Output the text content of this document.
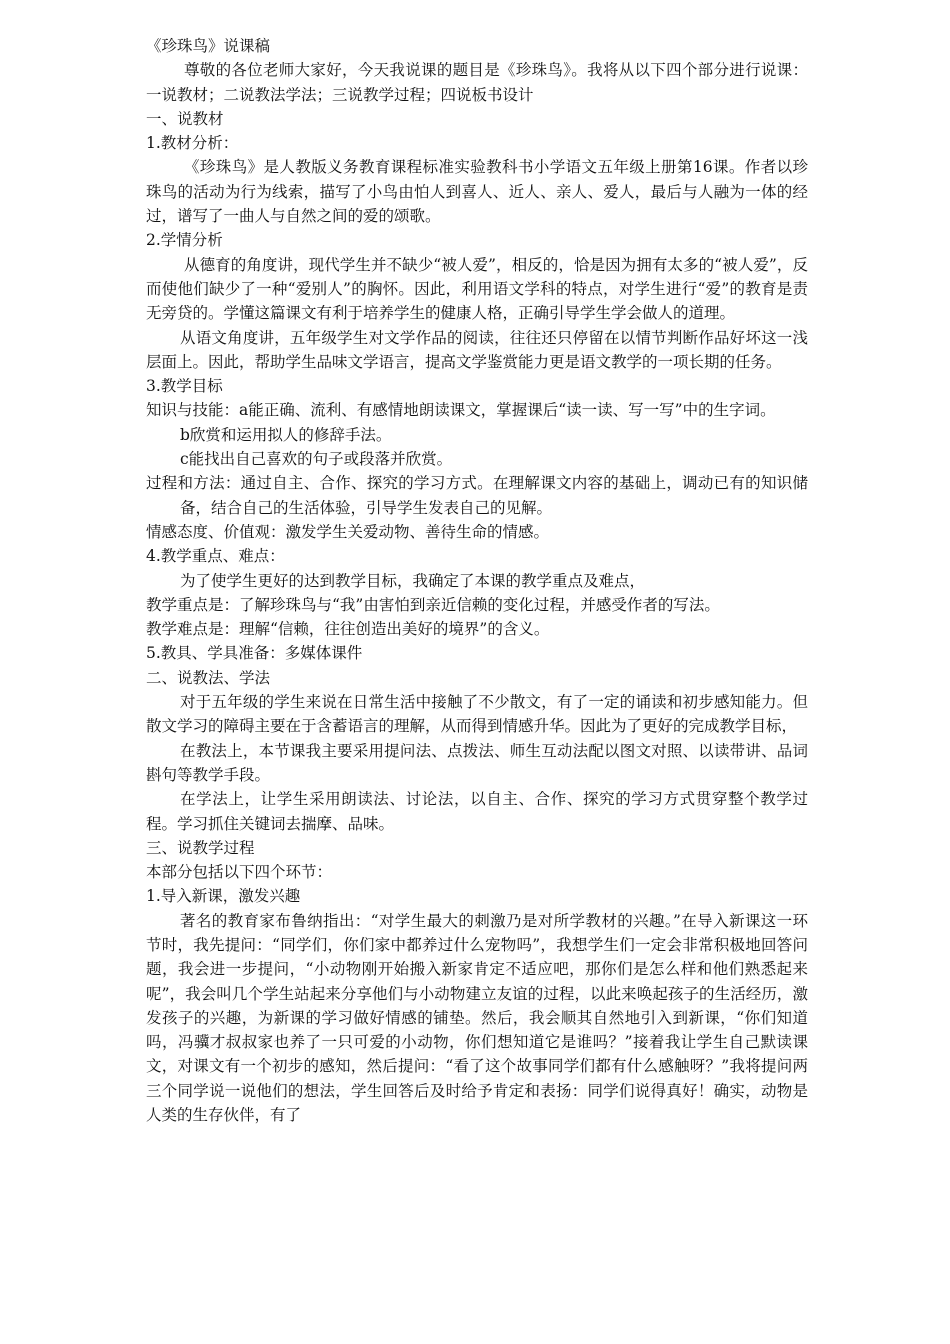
《珍珠鸟》说课稿
尊敬的各位老师大家好，今天我说课的题目是《珍珠鸟》。我将从以下四个部分进行说课：一说教材；二说教法学法；三说教学过程；四说板书设计
一、说教材
1.教材分析：
《珍珠鸟》是人教版义务教育课程标准实验教科书小学语文五年级上册第16课。作者以珍珠鸟的活动为行为线索，描写了小鸟由怕人到喜人、近人、亲人、爱人，最后与人融为一体的经过，谱写了一曲人与自然之间的爱的颂歌。
2.学情分析
从德育的角度讲，现代学生并不缺少“被人爱”，相反的，恰是因为拥有太多的“被人爱”，反而使他们缺少了一种“爱别人”的胸怀。因此，利用语文学科的特点，对学生进行“爱”的教育是责无旁贷的。学懂这篇课文有利于培养学生的健康人格，正确引导学生学会做人的道理。
从语文角度讲，五年级学生对文学作品的阅读，往往还只停留在以情节判断作品好坏这一浅层面上。因此，帮助学生品味文学语言，提高文学鉴赏能力更是语文教学的一项长期的任务。
3.教学目标
知识与技能：a能正确、流利、有感情地朗读课文，掌握课后“读一读、写一写”中的生字词。
b欣赏和运用拟人的修辞手法。
c能找出自己喜欢的句子或段落并欣赏。
过程和方法：通过自主、合作、探究的学习方式。在理解课文内容的基础上，调动已有的知识储备，结合自己的生活体验，引导学生发表自己的见解。
情感态度、价值观：激发学生关爱动物、善待生命的情感。
4.教学重点、难点：
为了使学生更好的达到教学目标，我确定了本课的教学重点及难点，
教学重点是：了解珍珠鸟与“我”由害怕到亲近信赖的变化过程，并感受作者的写法。
教学难点是：理解“信赖，往往创造出美好的境界”的含义。
5.教具、学具准备：多媒体课件
二、说教法、学法
对于五年级的学生来说在日常生活中接触了不少散文，有了一定的诵读和初步感知能力。但散文学习的障碍主要在于含蓄语言的理解，从而得到情感升华。因此为了更好的完成教学目标，
在教法上，本节课我主要采用提问法、点拨法、师生互动法配以图文对照、以读带讲、品词斟句等教学手段。
在学法上，让学生采用朗读法、讨论法，以自主、合作、探究的学习方式贯穿整个教学过程。学习抓住关键词去揣摩、品味。
三、说教学过程
本部分包括以下四个环节：
1.导入新课，激发兴趣
著名的教育家布鲁纳指出：“对学生最大的刺激乃是对所学教材的兴趣。”在导入新课这一环节时，我先提问：“同学们，你们家中都养过什么宠物吗”，我想学生们一定会非常积极地回答问题，我会进一步提问，“小动物刚开始搬入新家肯定不适应吧，那你们是怎么样和他们熟悉起来呢”，我会叫几个学生站起来分享他们与小动物建立友谊的过程，以此来唤起孩子的生活经历，激发孩子的兴趣，为新课的学习做好情感的铺垫。然后，我会顺其自然地引入到新课，“你们知道吗，冯骥才叔叔家也养了一只可爱的小动物，你们想知道它是谁吗？”接着我让学生自己默读课文，对课文有一个初步的感知，然后提问：“看了这个故事同学们都有什么感触呀？”我将提问两三个同学说一说他们的想法，学生回答后及时给予肯定和表扬：同学们说得真好！确实，动物是人类的生存伙伴，有了
